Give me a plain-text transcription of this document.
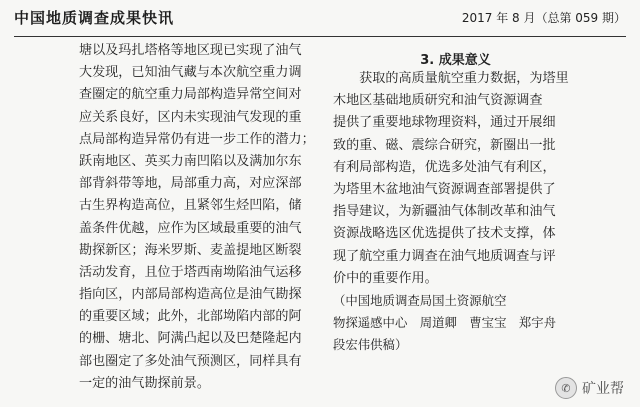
中国地质调查成果快讯	2017 年 8 月（总第 059 期）
塘以及玛扎塔格等地区现已实现了油气
大发现，已知油气藏与本次航空重力调
查圈定的航空重力局部构造异常空间对
应关系良好，区内未实现油气发现的重
点局部构造异常仍有进一步工作的潜力；
跃南地区、英买力南凹陷以及满加尔东
部背斜带等地，局部重力高，对应深部
古生界构造高位，且紧邻生烃凹陷，储
盖条件优越，应作为区域最重要的油气
勘探新区；海米罗斯、麦盖提地区断裂
活动发育，且位于塔西南坳陷油气运移
指向区，内部局部构造高位是油气勘探
的重要区域；此外，北部坳陷内部的阿
的栅、塘北、阿满凸起以及巴楚隆起内
部也圈定了多处油气预测区，同样具有
一定的油气勘探前景。
3. 成果意义
　　获取的高质量航空重力数据，为塔里
木地区基础地质研究和油气资源调查
提供了重要地球物理资料，通过开展细
致的重、磁、震综合研究，新圈出一批
有利局部构造，优选多处油气有利区，
为塔里木盆地油气资源调查部署提供了
指导建议，为新疆油气体制改革和油气
资源战略选区优选提供了技术支撑，体
现了航空重力调查在油气地质调查与评
价中的重要作用。
（中国地质调查局国土资源航空
物探遥感中心　周道卿　曹宝宝　郑宇舟
段宏伟供稿）
✆ 矿业帮
